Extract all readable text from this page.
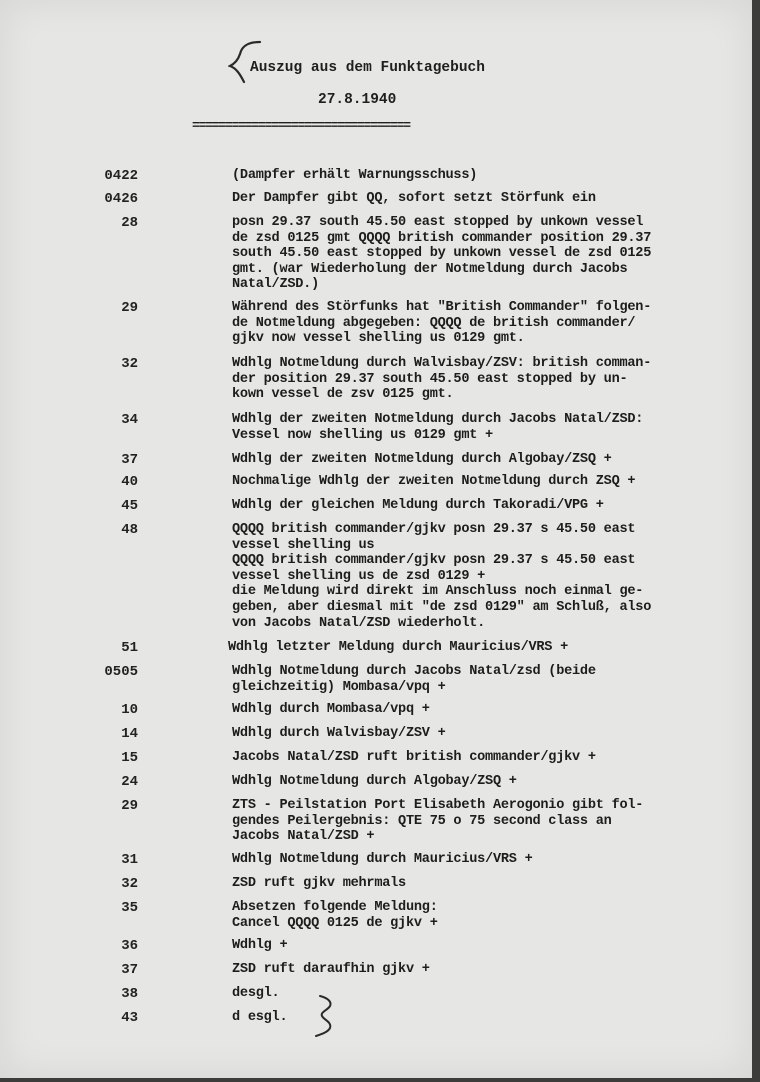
Auszug aus dem Funktagebuch
27.8.1940
=================================
0422	(Dampfer erhält Warnungsschuss)
0426	Der Dampfer gibt QQ, sofort setzt Störfunk ein
28	posn 29.37 south 45.50 east stopped by unkown vessel
de zsd 0125 gmt QQQQ british commander position 29.37
south 45.50 east stopped by unkown vessel de zsd 0125
gmt. (war Wiederholung der Notmeldung durch Jacobs
Natal/ZSD.)
29	Während des Störfunks hat "British Commander" folgen-
de Notmeldung abgegeben: QQQQ de british commander/
gjkv now vessel shelling us 0129 gmt.
32	Wdhlg Notmeldung durch Walvisbay/ZSV: british comman-
der position 29.37 south 45.50 east stopped by un-
kown vessel de zsv 0125 gmt.
34	Wdhlg der zweiten Notmeldung durch Jacobs Natal/ZSD:
Vessel now shelling us 0129 gmt +
37	Wdhlg der zweiten Notmeldung durch Algobay/ZSQ +
40	Nochmalige Wdhlg der zweiten Notmeldung durch ZSQ +
45	Wdhlg der gleichen Meldung durch Takoradi/VPG +
48	QQQQ british commander/gjkv posn 29.37 s 45.50 east
vessel shelling us
QQQQ british commander/gjkv posn 29.37 s 45.50 east
vessel shelling us de zsd 0129 +
die Meldung wird direkt im Anschluss noch einmal ge-
geben, aber diesmal mit "de zsd 0129" am Schluß, also
von Jacobs Natal/ZSD wiederholt.
51	Wdhlg letzter Meldung durch Mauricius/VRS +
0505	Wdhlg Notmeldung durch Jacobs Natal/zsd (beide
gleichzeitig) Mombasa/vpq +
10	Wdhlg durch Mombasa/vpq +
14	Wdhlg durch Walvisbay/ZSV +
15	Jacobs Natal/ZSD ruft british commander/gjkv +
24	Wdhlg Notmeldung durch Algobay/ZSQ +
29	ZTS - Peilstation Port Elisabeth Aerogonio gibt fol-
gendes Peilergebnis: QTE 75 o 75 second class an
Jacobs Natal/ZSD +
31	Wdhlg Notmeldung durch Mauricius/VRS +
32	ZSD ruft gjkv mehrmals
35	Absetzen folgende Meldung:
Cancel QQQQ 0125 de gjkv +
36	Wdhlg +
37	ZSD ruft daraufhin gjkv +
38	desgl.
43	d esgl.
